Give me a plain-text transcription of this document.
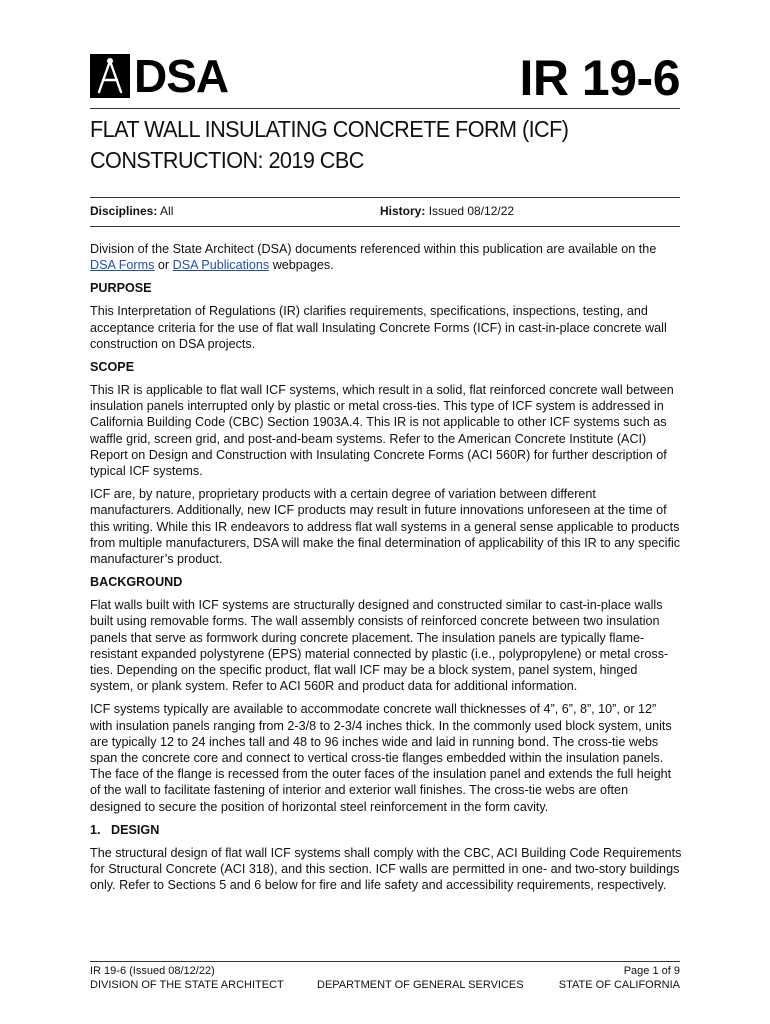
DSA	IR 19-6
FLAT WALL INSULATING CONCRETE FORM (ICF)
CONSTRUCTION: 2019 CBC
Disciplines: All	History: Issued 08/12/22

Division of the State Architect (DSA) documents referenced within this publication are available on the DSA Forms or DSA Publications webpages.

PURPOSE

This Interpretation of Regulations (IR) clarifies requirements, specifications, inspections, testing, and acceptance criteria for the use of flat wall Insulating Concrete Forms (ICF) in cast-in-place concrete wall construction on DSA projects.

SCOPE

This IR is applicable to flat wall ICF systems, which result in a solid, flat reinforced concrete wall between insulation panels interrupted only by plastic or metal cross-ties. This type of ICF system is addressed in California Building Code (CBC) Section 1903A.4. This IR is not applicable to other ICF systems such as waffle grid, screen grid, and post-and-beam systems. Refer to the American Concrete Institute (ACI) Report on Design and Construction with Insulating Concrete Forms (ACI 560R) for further description of typical ICF systems.

ICF are, by nature, proprietary products with a certain degree of variation between different manufacturers. Additionally, new ICF products may result in future innovations unforeseen at the time of this writing. While this IR endeavors to address flat wall systems in a general sense applicable to products from multiple manufacturers, DSA will make the final determination of applicability of this IR to any specific manufacturer’s product.

BACKGROUND

Flat walls built with ICF systems are structurally designed and constructed similar to cast-in-place walls built using removable forms. The wall assembly consists of reinforced concrete between two insulation panels that serve as formwork during concrete placement. The insulation panels are typically flame-resistant expanded polystyrene (EPS) material connected by plastic (i.e., polypropylene) or metal cross-ties. Depending on the specific product, flat wall ICF may be a block system, panel system, hinged system, or plank system. Refer to ACI 560R and product data for additional information.

ICF systems typically are available to accommodate concrete wall thicknesses of 4”, 6”, 8”, 10”, or 12” with insulation panels ranging from 2-3/8 to 2-3/4 inches thick. In the commonly used block system, units are typically 12 to 24 inches tall and 48 to 96 inches wide and laid in running bond. The cross-tie webs span the concrete core and connect to vertical cross-tie flanges embedded within the insulation panels. The face of the flange is recessed from the outer faces of the insulation panel and extends the full height of the wall to facilitate fastening of interior and exterior wall finishes. The cross-tie webs are often designed to secure the position of horizontal steel reinforcement in the form cavity.

1.   DESIGN

The structural design of flat wall ICF systems shall comply with the CBC, ACI Building Code Requirements for Structural Concrete (ACI 318), and this section. ICF walls are permitted in one- and two-story buildings only. Refer to Sections 5 and 6 below for fire and life safety and accessibility requirements, respectively.

IR 19-6 (Issued 08/12/22)	Page 1 of 9
DIVISION OF THE STATE ARCHITECT	DEPARTMENT OF GENERAL SERVICES	STATE OF CALIFORNIA
